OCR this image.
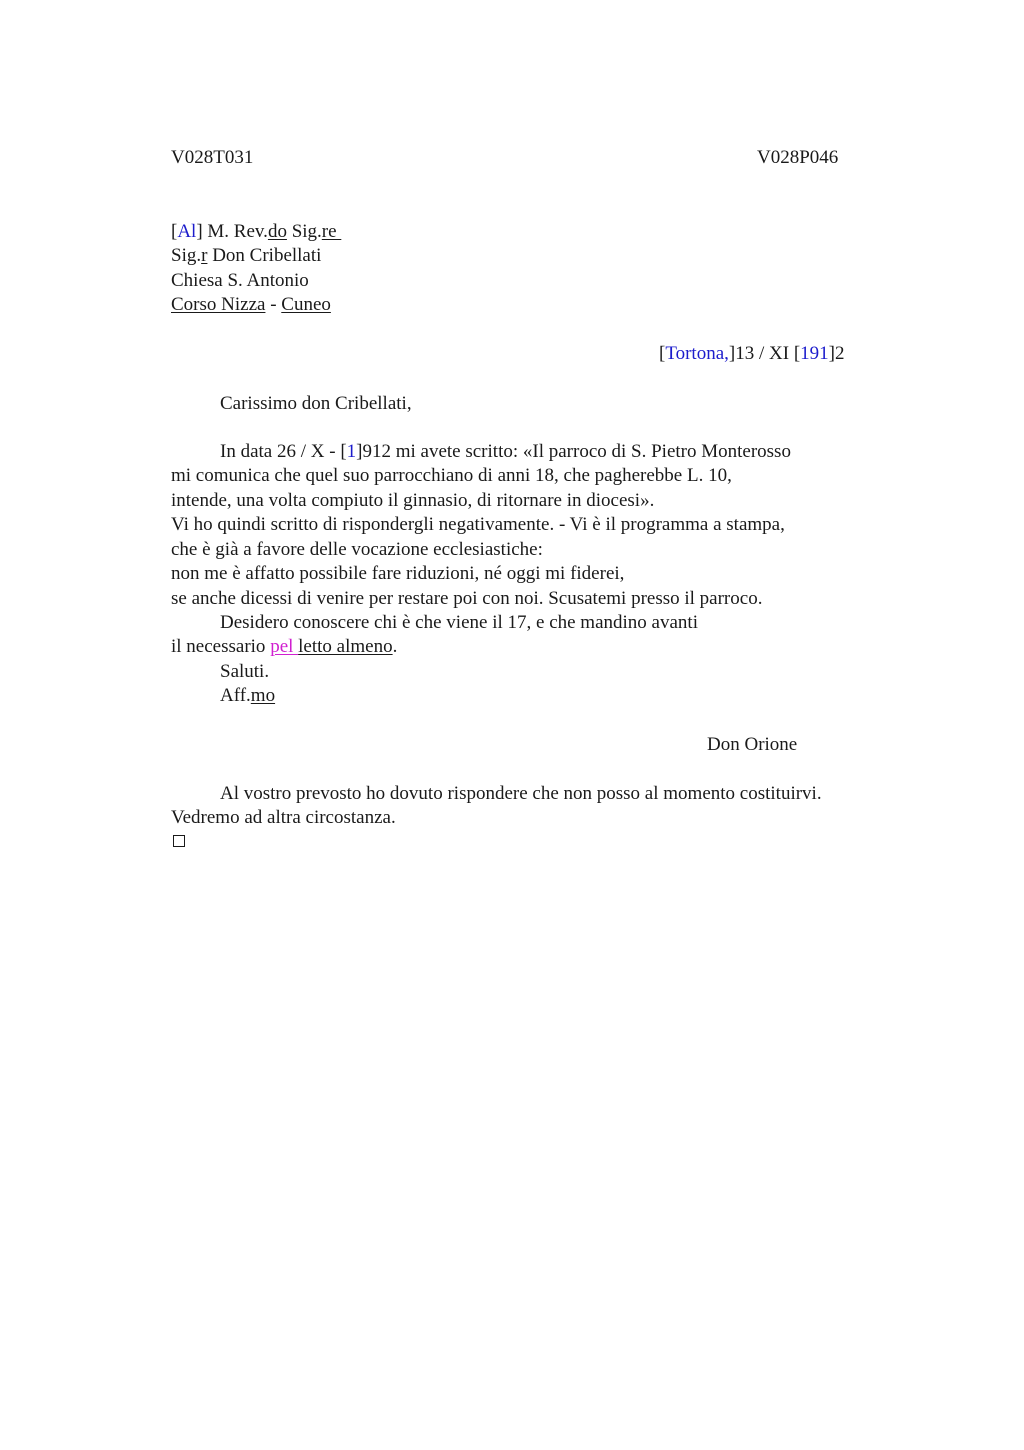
V028T031	V028P046
[Al] M. Rev.do Sig.re
Sig.r Don Cribellati
Chiesa S. Antonio
Corso Nizza - Cuneo
[Tortona,]13 / XI [191]2
Carissimo don Cribellati,
In data 26 / X - [1]912 mi avete scritto: «Il parroco di S. Pietro Monterosso
mi comunica che quel suo parrocchiano di anni 18, che pagherebbe L. 10,
intende, una volta compiuto il ginnasio, di ritornare in diocesi».
Vi ho quindi scritto di rispondergli negativamente. - Vi è il programma a stampa,
che è già a favore delle vocazione ecclesiastiche:
non me è affatto possibile fare riduzioni, né oggi mi fiderei,
se anche dicessi di venire per restare poi con noi. Scusatemi presso il parroco.
Desidero conoscere chi è che viene il 17, e che mandino avanti
il necessario pel letto almeno.
Saluti.
Aff.mo
Don Orione
Al vostro prevosto ho dovuto rispondere che non posso al momento costituirvi.
Vedremo ad altra circostanza.
